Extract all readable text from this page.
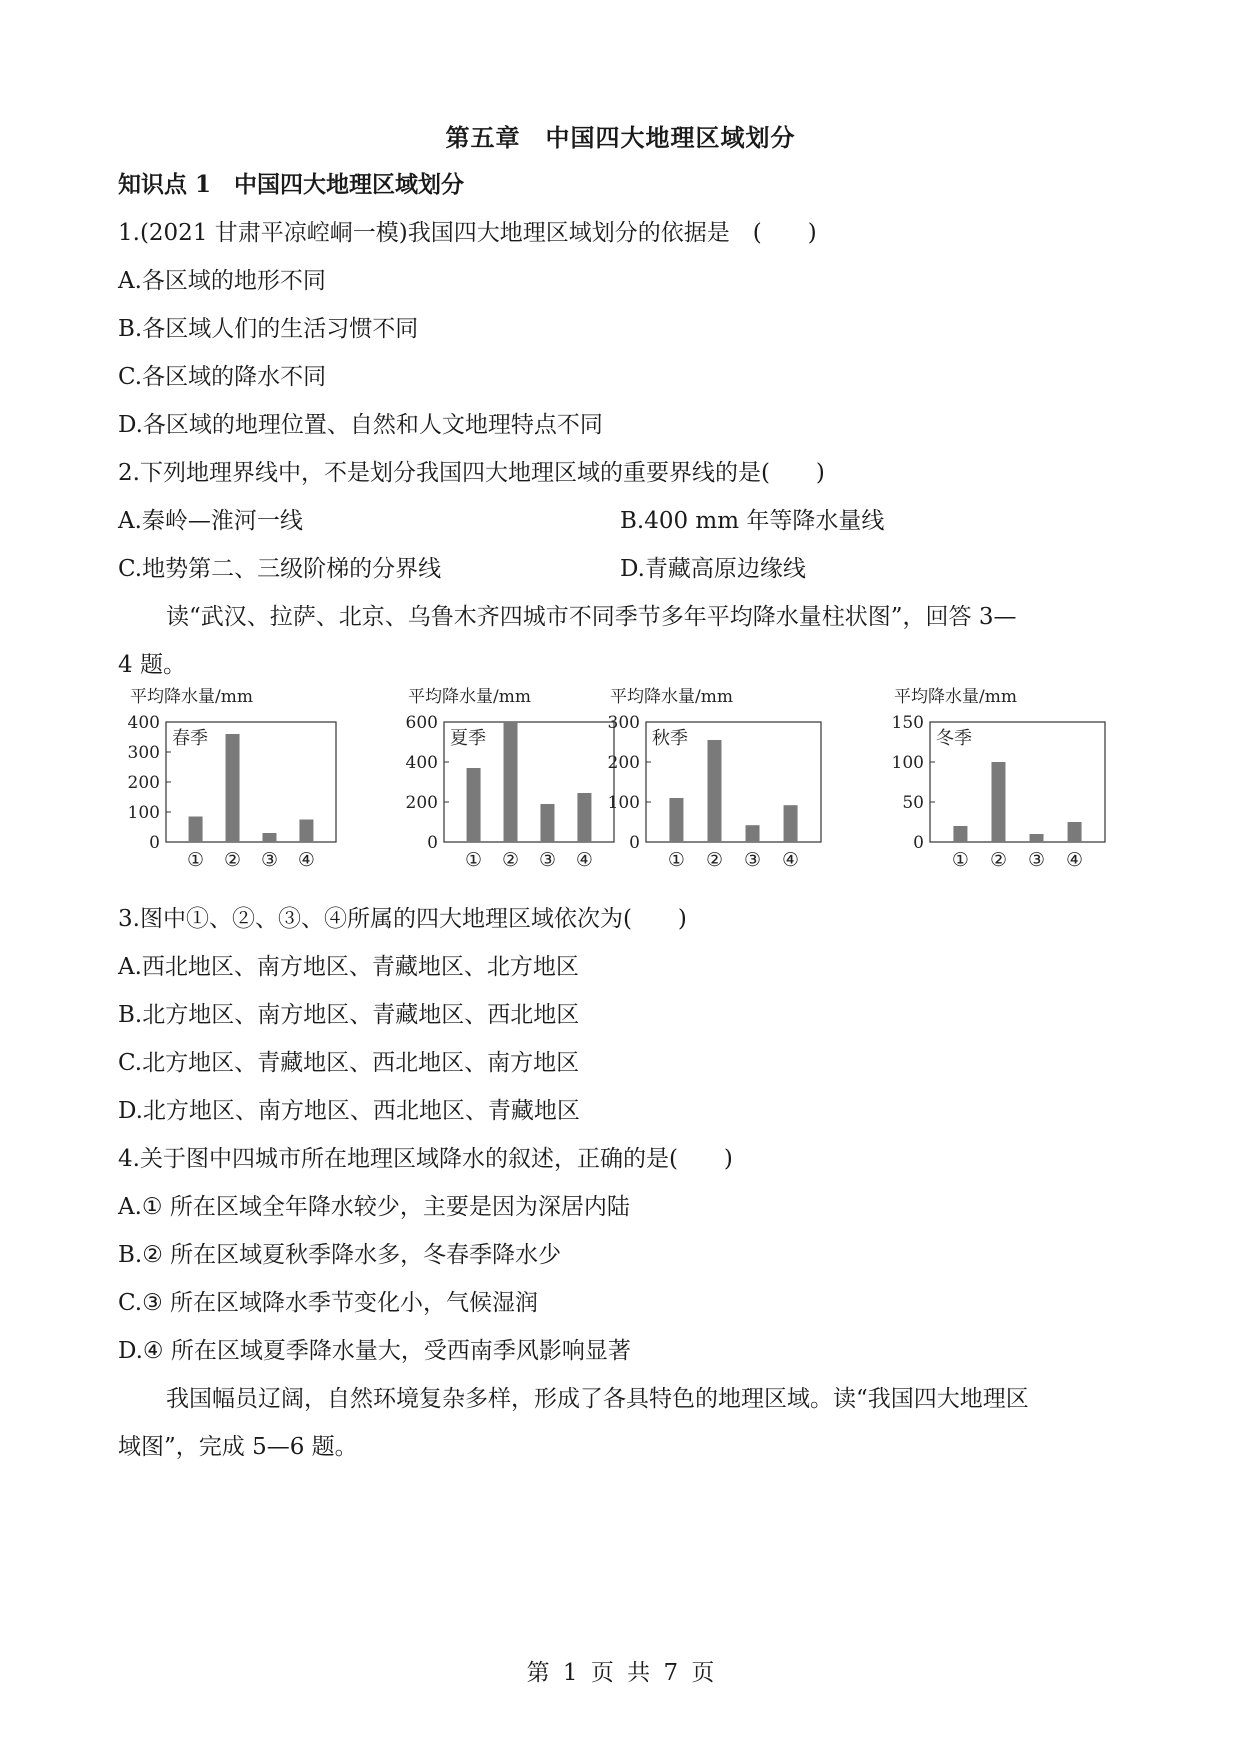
第五章　中国四大地理区域划分
知识点 1　中国四大地理区域划分
1.(2021 甘肃平凉崆峒一模)我国四大地理区域划分的依据是　(　　)
A.各区域的地形不同
B.各区域人们的生活习惯不同
C.各区域的降水不同
D.各区域的地理位置、自然和人文地理特点不同
2.下列地理界线中，不是划分我国四大地理区域的重要界线的是(　　)
A.秦岭—淮河一线	B.400 mm 年等降水量线
C.地势第二、三级阶梯的分界线	D.青藏高原边缘线
读“武汉、拉萨、北京、乌鲁木齐四城市不同季节多年平均降水量柱状图”，回答 3—
4 题。
平均降水量/mm
春季
400
300
200
100
0
① ② ③ ④
平均降水量/mm
夏季
600
400
200
0
① ② ③ ④
平均降水量/mm
秋季
300
200
100
0
① ② ③ ④
平均降水量/mm
冬季
150
100
50
0
① ② ③ ④
3.图中①、②、③、④所属的四大地理区域依次为(　　)
A.西北地区、南方地区、青藏地区、北方地区
B.北方地区、南方地区、青藏地区、西北地区
C.北方地区、青藏地区、西北地区、南方地区
D.北方地区、南方地区、西北地区、青藏地区
4.关于图中四城市所在地理区域降水的叙述，正确的是(　　)
A.① 所在区域全年降水较少，主要是因为深居内陆
B.② 所在区域夏秋季降水多，冬春季降水少
C.③ 所在区域降水季节变化小，气候湿润
D.④ 所在区域夏季降水量大，受西南季风影响显著
我国幅员辽阔，自然环境复杂多样，形成了各具特色的地理区域。读“我国四大地理区
域图”，完成 5—6 题。
第 1 页 共 7 页
